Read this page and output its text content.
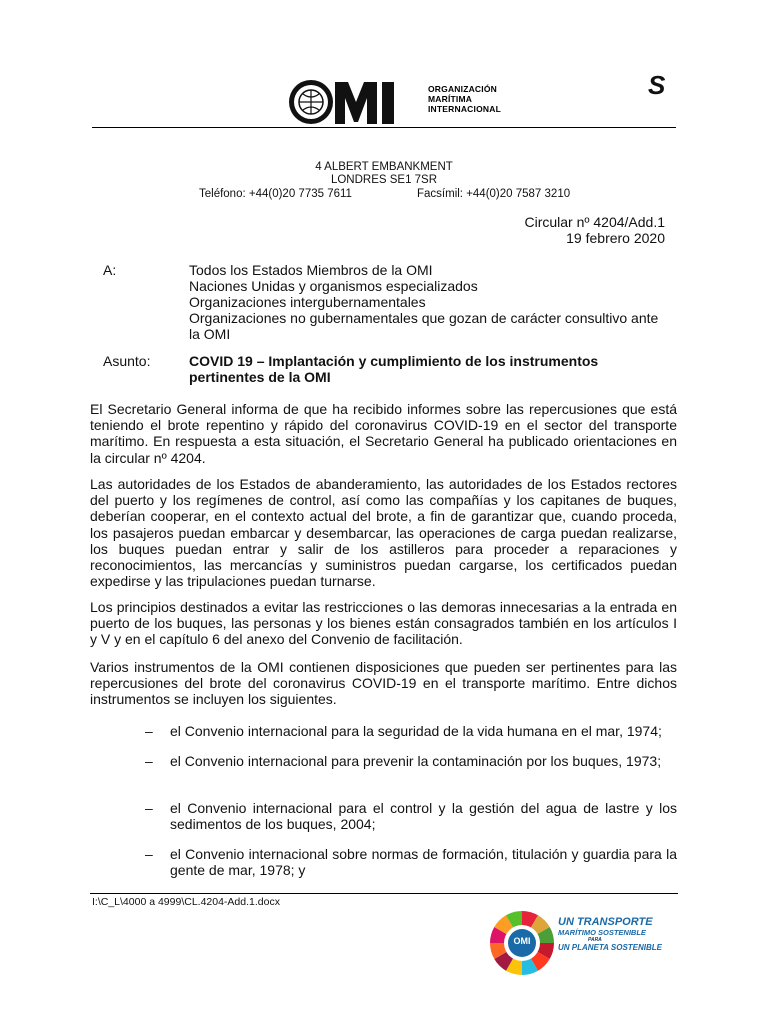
ORGANIZACIÓN
MARÍTIMA
INTERNACIONAL
S
4 ALBERT EMBANKMENT
LONDRES SE1 7SR
Teléfono: +44(0)20 7735 7611	Facsímil: +44(0)20 7587 3210
Circular nº 4204/Add.1
19 febrero 2020
A:	Todos los Estados Miembros de la OMI
Naciones Unidas y organismos especializados
Organizaciones intergubernamentales
Organizaciones no gubernamentales que gozan de carácter consultivo ante la OMI
Asunto:	COVID 19 – Implantación y cumplimiento de los instrumentos pertinentes de la OMI
El Secretario General informa de que ha recibido informes sobre las repercusiones que está teniendo el brote repentino y rápido del coronavirus COVID-19 en el sector del transporte marítimo. En respuesta a esta situación, el Secretario General ha publicado orientaciones en la circular nº 4204.
Las autoridades de los Estados de abanderamiento, las autoridades de los Estados rectores del puerto y los regímenes de control, así como las compañías y los capitanes de buques, deberían cooperar, en el contexto actual del brote, a fin de garantizar que, cuando proceda, los pasajeros puedan embarcar y desembarcar, las operaciones de carga puedan realizarse, los buques puedan entrar y salir de los astilleros para proceder a reparaciones y reconocimientos, las mercancías y suministros puedan cargarse, los certificados puedan expedirse y las tripulaciones puedan turnarse.
Los principios destinados a evitar las restricciones o las demoras innecesarias a la entrada en puerto de los buques, las personas y los bienes están consagrados también en los artículos I y V y en el capítulo 6 del anexo del Convenio de facilitación.
Varios instrumentos de la OMI contienen disposiciones que pueden ser pertinentes para las repercusiones del brote del coronavirus COVID-19 en el transporte marítimo. Entre dichos instrumentos se incluyen los siguientes.
– el Convenio internacional para la seguridad de la vida humana en el mar, 1974;
– el Convenio internacional para prevenir la contaminación por los buques, 1973;
– el Convenio internacional para el control y la gestión del agua de lastre y los sedimentos de los buques, 2004;
– el Convenio internacional sobre normas de formación, titulación y guardia para la gente de mar, 1978; y
I:\C_L\4000 a 4999\CL.4204-Add.1.docx
OMI
UN TRANSPORTE
MARÍTIMO SOSTENIBLE
PARA
UN PLANETA SOSTENIBLE
